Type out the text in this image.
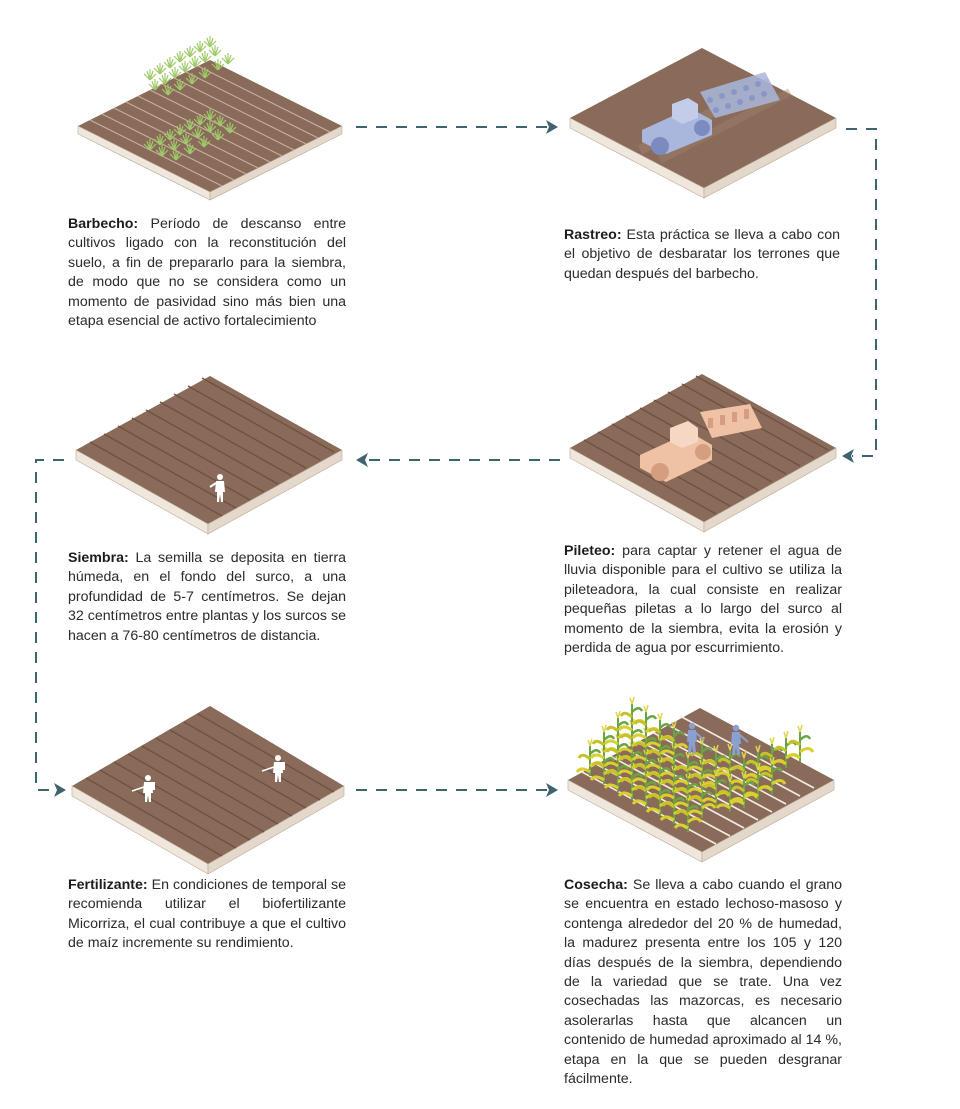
Barbecho: Período de descanso entre cultivos ligado con la reconstitución del suelo, a fin de prepararlo para la siembra, de modo que no se considera como un momento de pasividad sino más bien una etapa esencial de activo fortalecimiento

Rastreo: Esta práctica se lleva a cabo con el objetivo de desbaratar los terrones que quedan después del barbecho.

Pileteo: para captar y retener el agua de lluvia disponible para el cultivo se utiliza la pileteadora, la cual consiste en realizar pequeñas piletas a lo largo del surco al momento de la siembra, evita la erosión y perdida de agua por escurrimiento.

Siembra: La semilla se deposita en tierra húmeda, en el fondo del surco, a una profundidad de 5-7 centímetros. Se dejan 32 centímetros entre plantas y los surcos se hacen a 76-80 centímetros de distancia.

Fertilizante: En condiciones de temporal se recomienda utilizar el biofertilizante Micorriza, el cual contribuye a que el cultivo de maíz incremente su rendimiento.

Cosecha: Se lleva a cabo cuando el grano se encuentra en estado lechoso-masoso y contenga alrededor del 20 % de humedad, la madurez presenta entre los 105 y 120 días después de la siembra, dependiendo de la variedad que se trate. Una vez cosechadas las mazorcas, es necesario asolerarlas hasta que alcancen un contenido de humedad aproximado al 14 %, etapa en la que se pueden desgranar fácilmente.
